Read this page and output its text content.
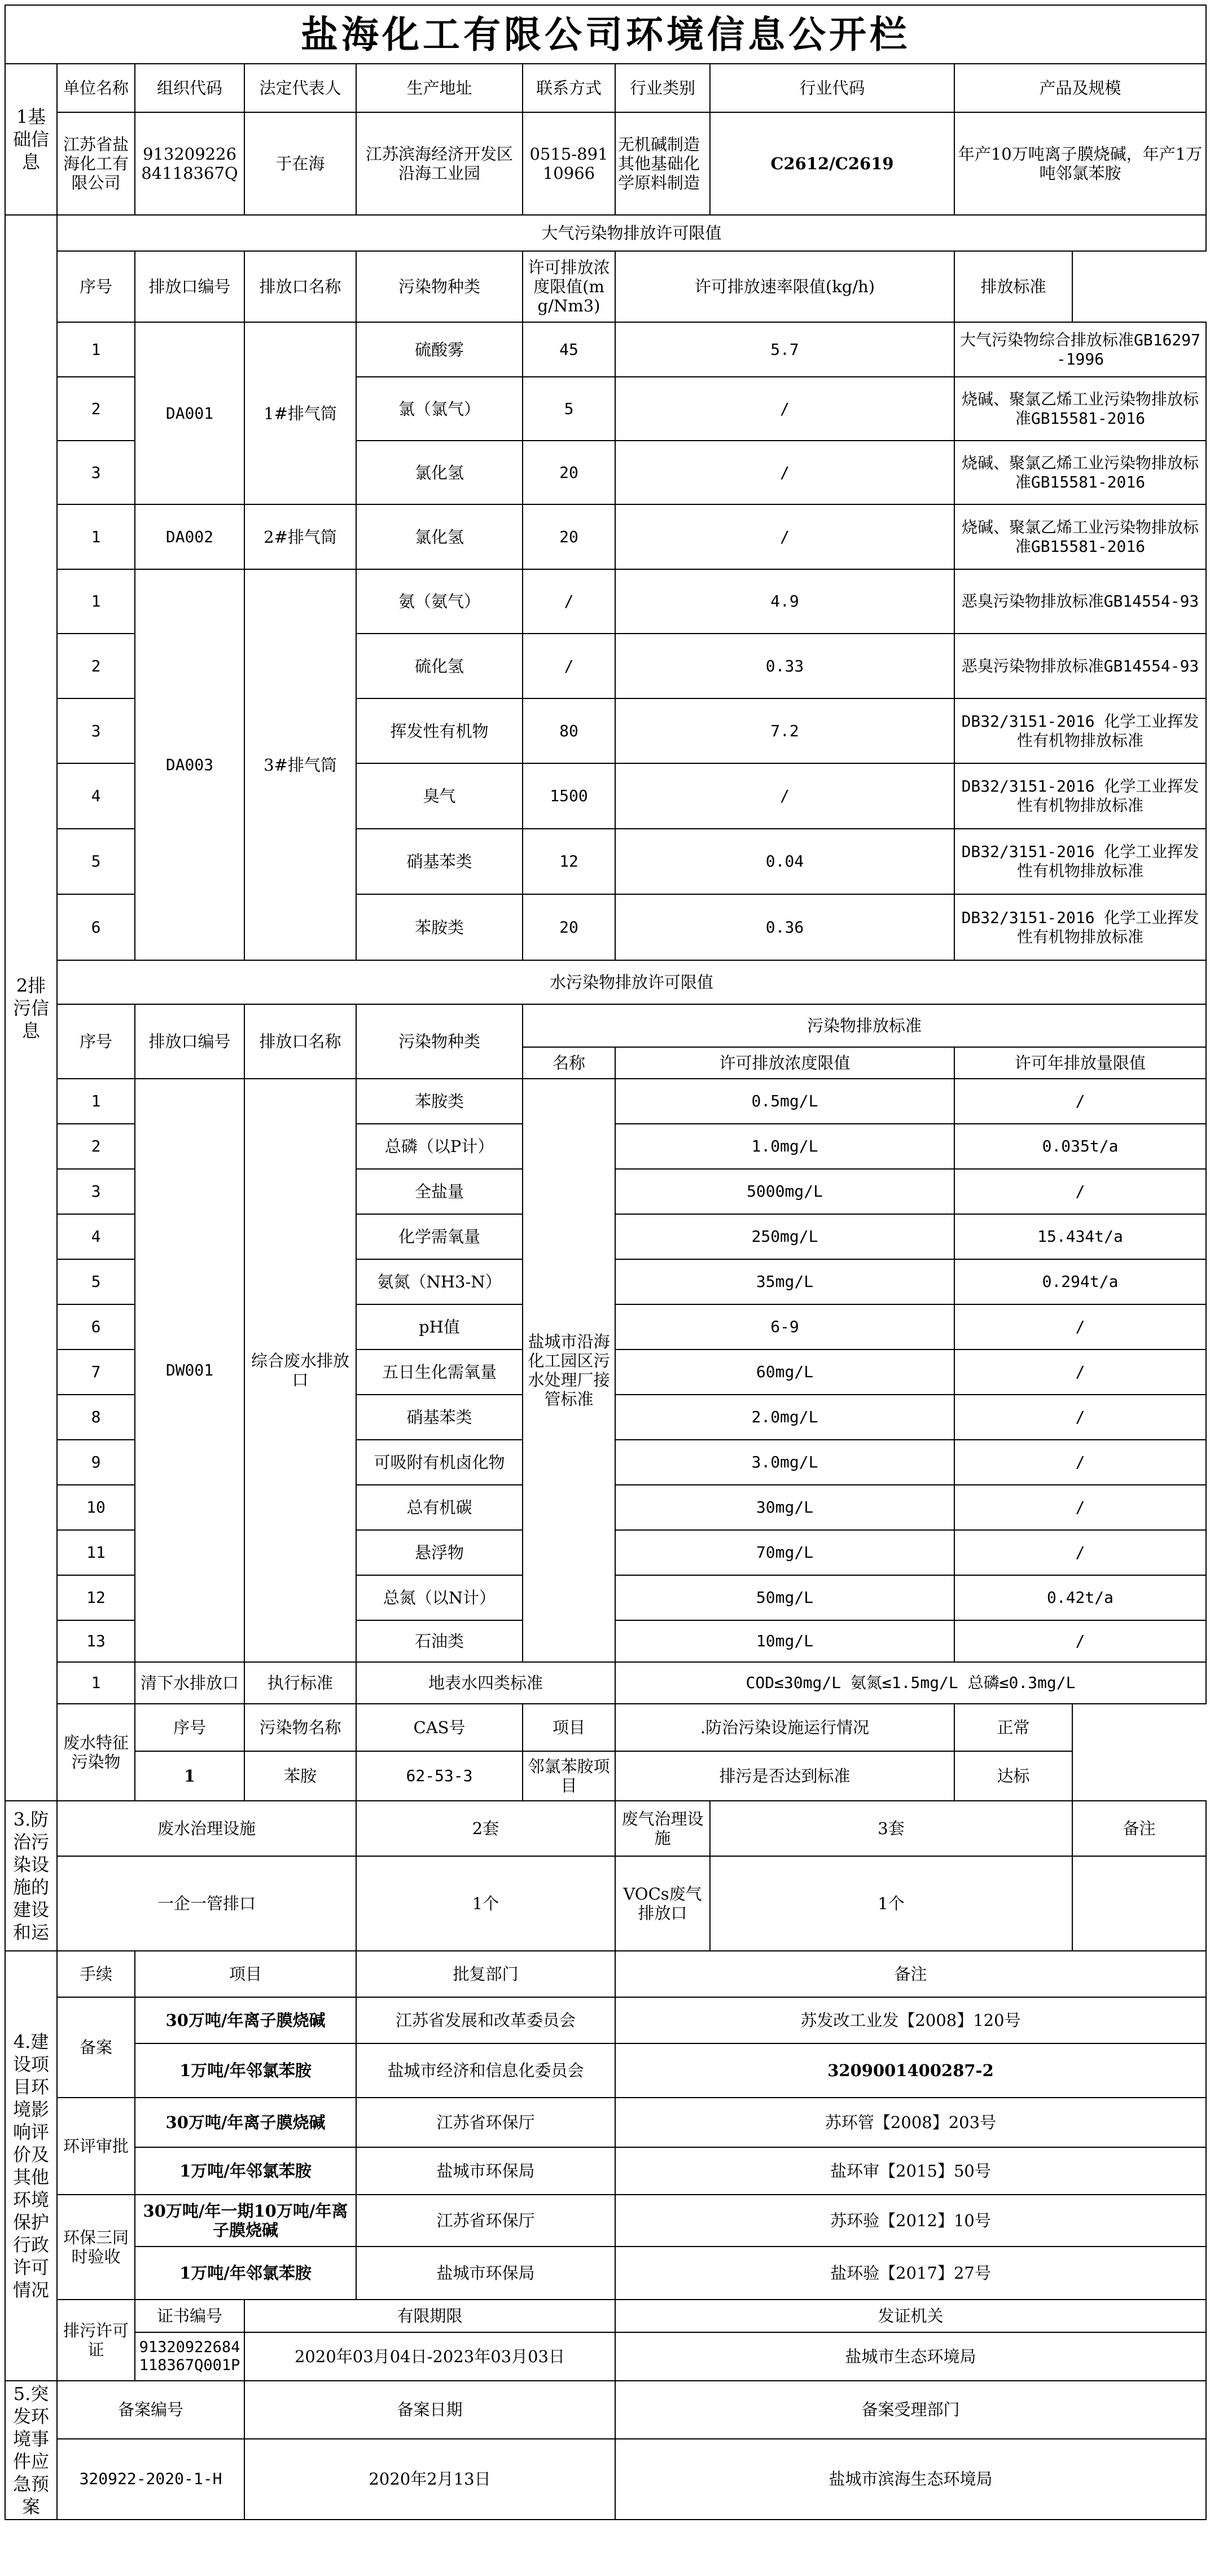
盐海化工有限公司环境信息公开栏									
1基础信息	单位名称	组织代码	法定代表人	生产地址	联系方式	行业类别	行业代码	产品及规模	
	江苏省盐海化工有限公司	91320922684118367Q	于在海	江苏滨海经济开发区沿海工业园	0515-89110966	无机碱制造 其他基础化学原料制造	C2612/C2619	年产10万吨离子膜烧碱，年产1万吨邻氯苯胺	
2排污信息	大气污染物排放许可限值								
	序号	排放口编号	排放口名称	污染物种类	许可排放浓度限值(mg/Nm3)	许可排放速率限值(kg/h)		排放标准	
	1	DA001	1#排气筒	硫酸雾	45	5.7		大气污染物综合排放标准GB16297-1996	
	2			氯（氯气）	5	/		烧碱、聚氯乙烯工业污染物排放标准GB15581-2016	
	3			氯化氢	20	/		烧碱、聚氯乙烯工业污染物排放标准GB15581-2016	
	1	DA002	2#排气筒	氯化氢	20	/		烧碱、聚氯乙烯工业污染物排放标准GB15581-2016	
	1	DA003	3#排气筒	氨（氨气）	/	4.9		恶臭污染物排放标准GB14554-93	
	2			硫化氢	/	0.33		恶臭污染物排放标准GB14554-93	
	3			挥发性有机物	80	7.2		DB32/3151-2016 化学工业挥发性有机物排放标准	
	4			臭气	1500	/		DB32/3151-2016 化学工业挥发性有机物排放标准	
	5			硝基苯类	12	0.04		DB32/3151-2016 化学工业挥发性有机物排放标准	
	6			苯胺类	20	0.36		DB32/3151-2016 化学工业挥发性有机物排放标准	
	水污染物排放许可限值								
	序号	排放口编号	排放口名称	污染物种类	污染物排放标准				
					名称	许可排放浓度限值		许可年排放量限值	
	1	DW001	综合废水排放口	苯胺类	盐城市沿海化工园区污水处理厂接管标准	0.5mg/L		/	
	2			总磷（以P计）		1.0mg/L		0.035t/a	
	3			全盐量		5000mg/L		/	
	4			化学需氧量		250mg/L		15.434t/a	
	5			氨氮（NH3-N）		35mg/L		0.294t/a	
	6			pH值		6-9		/	
	7			五日生化需氧量		60mg/L		/	
	8			硝基苯类		2.0mg/L		/	
	9			可吸附有机卤化物		3.0mg/L		/	
	10			总有机碳		30mg/L		/	
	11			悬浮物		70mg/L		/	
	12			总氮（以N计）		50mg/L		0.42t/a	
	13			石油类		10mg/L		/	
	1	清下水排放口	执行标准	地表水四类标准		COD≤30mg/L 氨氮≤1.5mg/L 总磷≤0.3mg/L			
	废水特征污染物	序号	污染物名称	CAS号	项目	.防治污染设施运行情况		正常	
		1	苯胺	62-53-3	邻氯苯胺项目	排污是否达到标准		达标	
3.防治污染设施的建设和运	废水治理设施			2套		废气治理设施	3套		备注
	一企一管排口			1个		VOCs废气排放口	1个		
4.建设项目环境影响评价及其他环境保护行政许可情况	手续	项目		批复部门		备注			
	备案	30万吨/年离子膜烧碱		江苏省发展和改革委员会		苏发改工业发【2008】120号			
		1万吨/年邻氯苯胺		盐城市经济和信息化委员会		3209001400287-2			
	环评审批	30万吨/年离子膜烧碱		江苏省环保厅		苏环管【2008】203号			
		1万吨/年邻氯苯胺		盐城市环保局		盐环审【2015】50号			
	环保三同时验收	30万吨/年一期10万吨/年离子膜烧碱		江苏省环保厅		苏环验【2012】10号			
		1万吨/年邻氯苯胺		盐城市环保局		盐环验【2017】27号			
	排污许可证	证书编号	有限期限			发证机关			
		91320922684118367Q001P	2020年03月04日-2023年03月03日			盐城市生态环境局			
5.突发环境事件应急预案	备案编号		备案日期			备案受理部门			
	320922-2020-1-H		2020年2月13日			盐城市滨海生态环境局			
